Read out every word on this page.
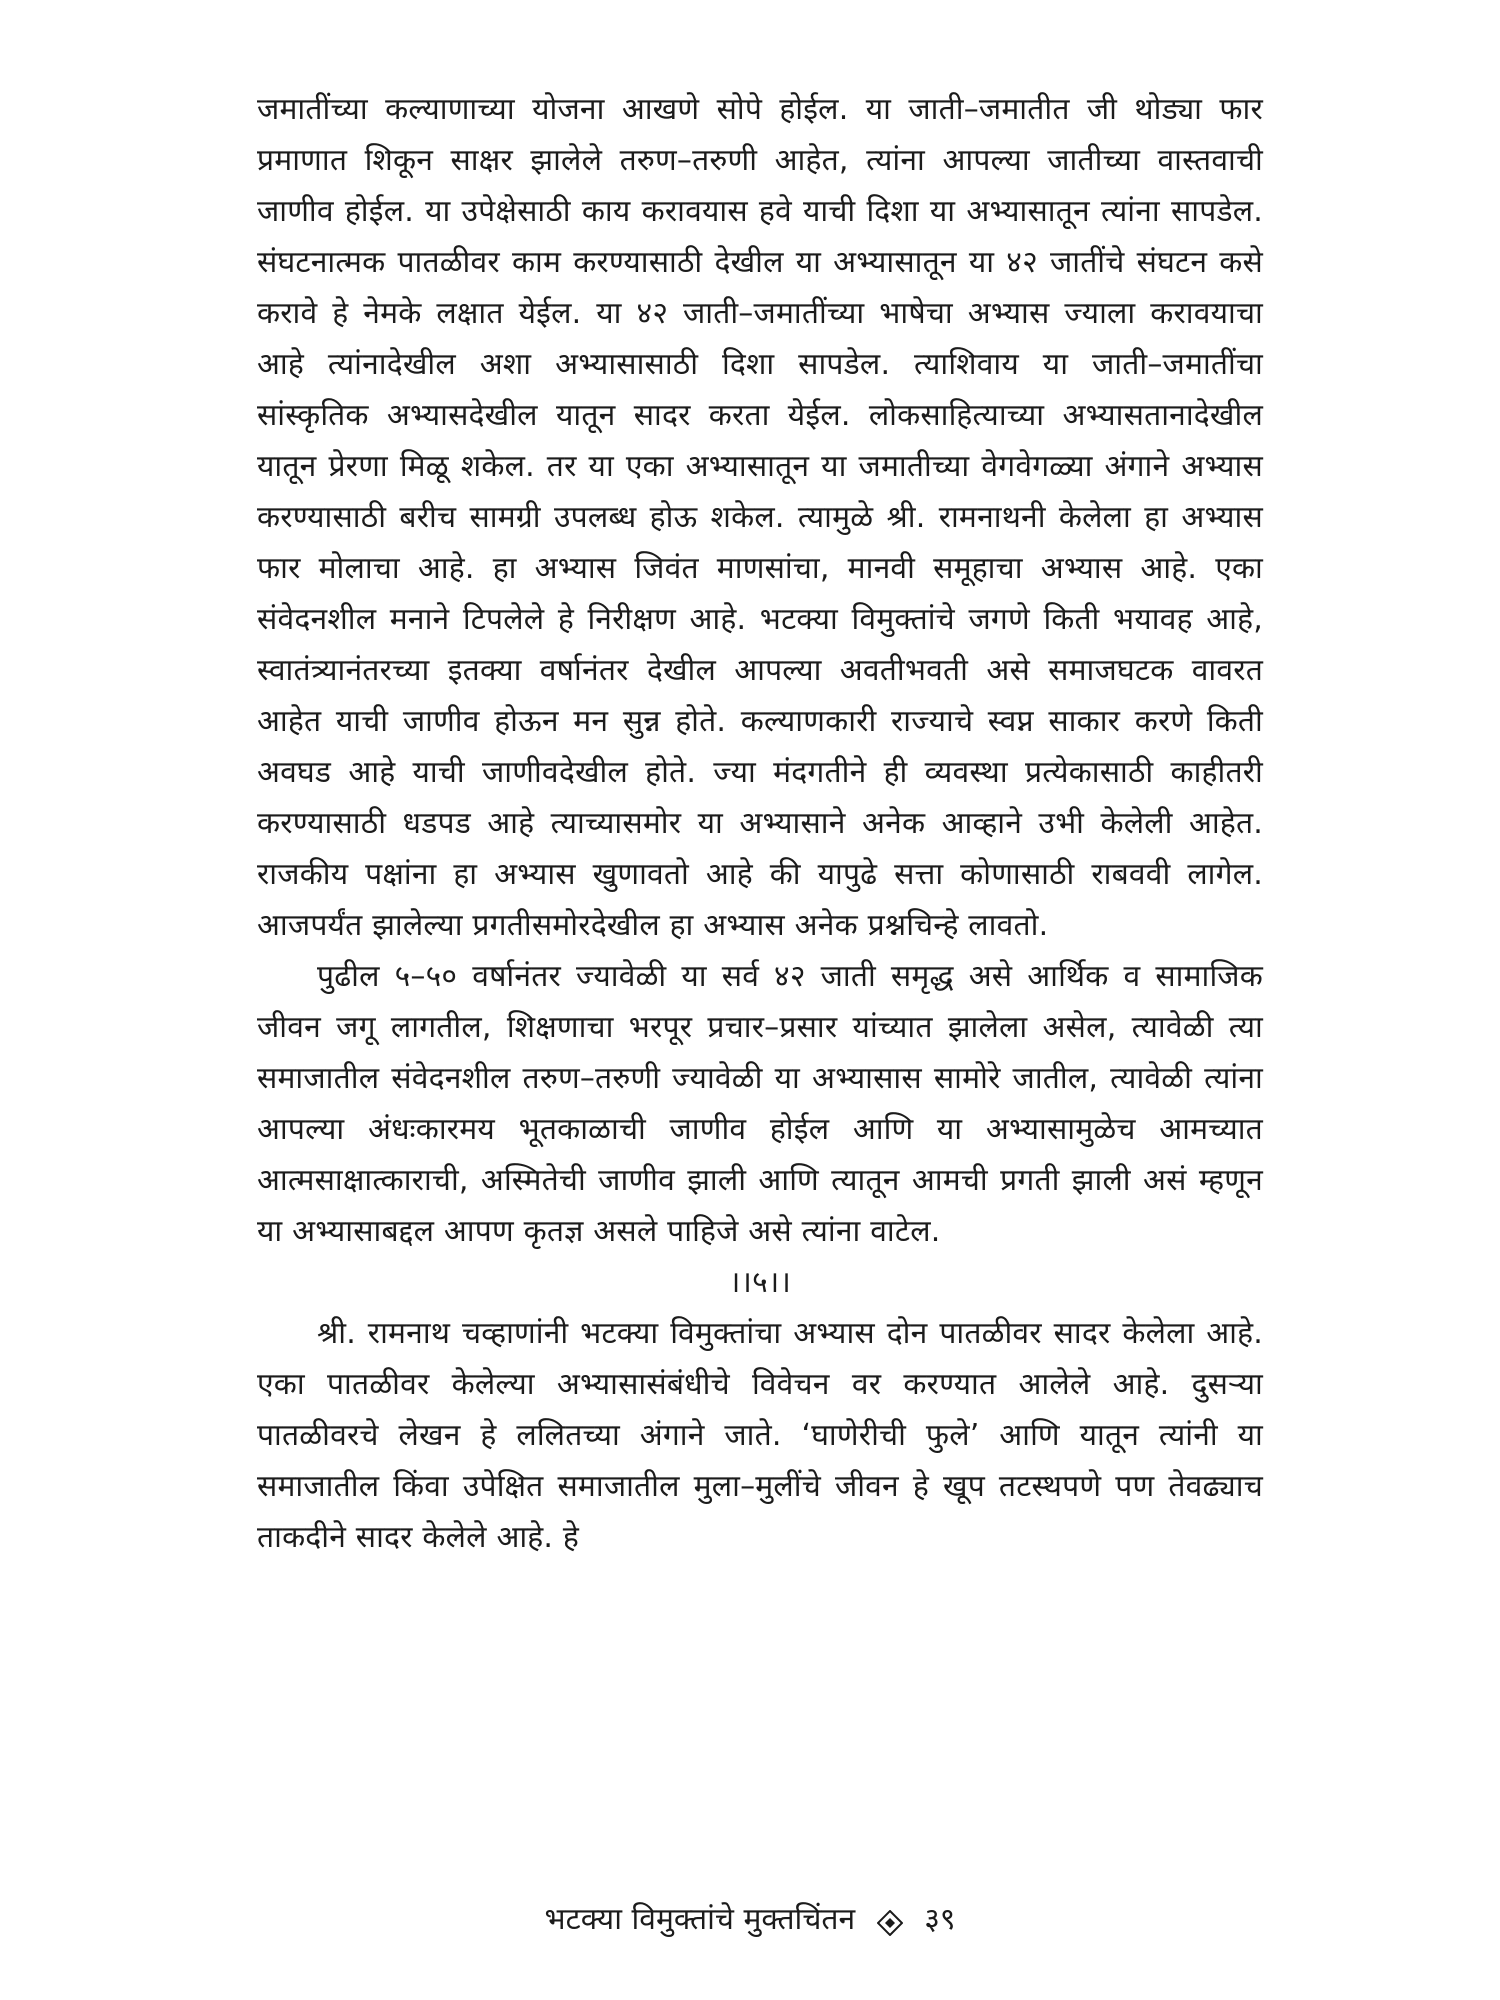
जमातींच्या कल्याणाच्या योजना आखणे सोपे होईल. या जाती–जमातीत जी थोड्या फार प्रमाणात शिकून साक्षर झालेले तरुण–तरुणी आहेत, त्यांना आपल्या जातीच्या वास्तवाची जाणीव होईल. या उपेक्षेसाठी काय करावयास हवे याची दिशा या अभ्यासातून त्यांना सापडेल. संघटनात्मक पातळीवर काम करण्यासाठी देखील या अभ्यासातून या ४२ जातींचे संघटन कसे करावे हे नेमके लक्षात येईल. या ४२ जाती–जमातींच्या भाषेचा अभ्यास ज्याला करावयाचा आहे त्यांनादेखील अशा अभ्यासासाठी दिशा सापडेल. त्याशिवाय या जाती–जमातींचा सांस्कृतिक अभ्यासदेखील यातून सादर करता येईल. लोकसाहित्याच्या अभ्यासतानादेखील यातून प्रेरणा मिळू शकेल. तर या एका अभ्यासातून या जमातीच्या वेगवेगळ्या अंगाने अभ्यास करण्यासाठी बरीच सामग्री उपलब्ध होऊ शकेल. त्यामुळे श्री. रामनाथनी केलेला हा अभ्यास फार मोलाचा आहे. हा अभ्यास जिवंत माणसांचा, मानवी समूहाचा अभ्यास आहे. एका संवेदनशील मनाने टिपलेले हे निरीक्षण आहे. भटक्या विमुक्तांचे जगणे किती भयावह आहे, स्वातंत्र्यानंतरच्या इतक्या वर्षानंतर देखील आपल्या अवतीभवती असे समाजघटक वावरत आहेत याची जाणीव होऊन मन सुन्न होते. कल्याणकारी राज्याचे स्वप्न साकार करणे किती अवघड आहे याची जाणीवदेखील होते. ज्या मंदगतीने ही व्यवस्था प्रत्येकासाठी काहीतरी करण्यासाठी धडपड आहे त्याच्यासमोर या अभ्यासाने अनेक आव्हाने उभी केलेली आहेत. राजकीय पक्षांना हा अभ्यास खुणावतो आहे की यापुढे सत्ता कोणासाठी राबववी लागेल. आजपर्यंत झालेल्या प्रगतीसमोरदेखील हा अभ्यास अनेक प्रश्नचिन्हे लावतो.

पुढील ५–५० वर्षानंतर ज्यावेळी या सर्व ४२ जाती समृद्ध असे आर्थिक व सामाजिक जीवन जगू लागतील, शिक्षणाचा भरपूर प्रचार–प्रसार यांच्यात झालेला असेल, त्यावेळी त्या समाजातील संवेदनशील तरुण–तरुणी ज्यावेळी या अभ्यासास सामोरे जातील, त्यावेळी त्यांना आपल्या अंधःकारमय भूतकाळाची जाणीव होईल आणि या अभ्यासामुळेच आमच्यात आत्मसाक्षात्काराची, अस्मितेची जाणीव झाली आणि त्यातून आमची प्रगती झाली असं म्हणून या अभ्यासाबद्दल आपण कृतज्ञ असले पाहिजे असे त्यांना वाटेल.

।।५।।

श्री. रामनाथ चव्हाणांनी भटक्या विमुक्तांचा अभ्यास दोन पातळीवर सादर केलेला आहे. एका पातळीवर केलेल्या अभ्यासासंबंधीचे विवेचन वर करण्यात आलेले आहे. दुसऱ्या पातळीवरचे लेखन हे ललितच्या अंगाने जाते. ‘घाणेरीची फुले’ आणि यातून त्यांनी या समाजातील किंवा उपेक्षित समाजातील मुला–मुलींचे जीवन हे खूप तटस्थपणे पण तेवढ्याच ताकदीने सादर केलेले आहे. हे

भटक्या विमुक्तांचे मुक्तचिंतन ३९
